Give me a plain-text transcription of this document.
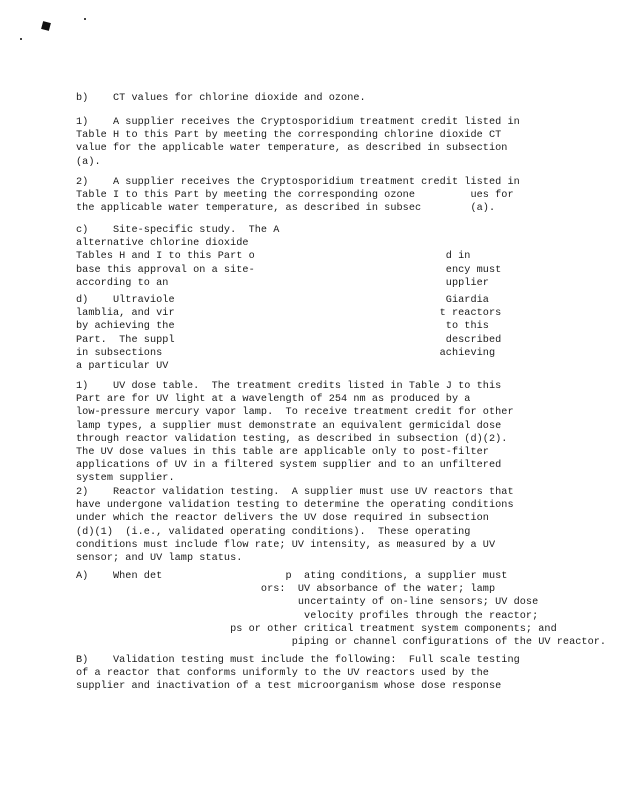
b)    CT values for chlorine dioxide and ozone.
1)    A supplier receives the Cryptosporidium treatment credit listed in
Table H to this Part by meeting the corresponding chlorine dioxide CT
value for the applicable water temperature, as described in subsection
(a).
2)    A supplier receives the Cryptosporidium treatment credit listed in
Table I to this Part by meeting the corresponding ozone         ues for
the applicable water temperature, as described in subsec        (a).
c)    Site-specific study.  The A
alternative chlorine dioxide
Tables H and I to this Part o                               d in
base this approval on a site-                               ency must
according to an                                             upplier
d)    Ultraviole                                            Giardia
lamblia, and vir                                           t reactors
by achieving the                                            to this
Part.  The suppl                                            described
in subsections                                             achieving
a particular UV
1)    UV dose table.  The treatment credits listed in Table J to this
Part are for UV light at a wavelength of 254 nm as produced by a
low-pressure mercury vapor lamp.  To receive treatment credit for other
lamp types, a supplier must demonstrate an equivalent germicidal dose
through reactor validation testing, as described in subsection (d)(2).
The UV dose values in this table are applicable only to post-filter
applications of UV in a filtered system supplier and to an unfiltered
system supplier.
2)    Reactor validation testing.  A supplier must use UV reactors that
have undergone validation testing to determine the operating conditions
under which the reactor delivers the UV dose required in subsection
(d)(1)  (i.e., validated operating conditions).  These operating
conditions must include flow rate; UV intensity, as measured by a UV
sensor; and UV lamp status.
A)    When det                    p  ating conditions, a supplier must
ors:  UV absorbance of the water; lamp
uncertainty of on-line sensors; UV dose
velocity profiles through the reactor;
ps or other critical treatment system components; and
piping or channel configurations of the UV reactor.
B)    Validation testing must include the following:  Full scale testing
of a reactor that conforms uniformly to the UV reactors used by the
supplier and inactivation of a test microorganism whose dose response
